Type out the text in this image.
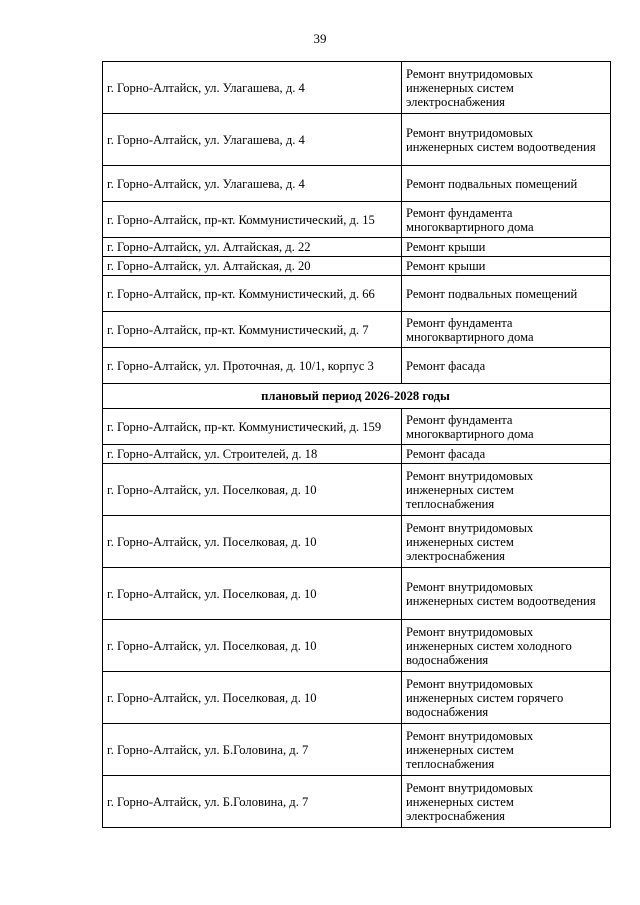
39
г. Горно-Алтайск, ул. Улагашева, д. 4	Ремонт внутридомовых инженерных систем электроснабжения
г. Горно-Алтайск, ул. Улагашева, д. 4	Ремонт внутридомовых инженерных систем водоотведения
г. Горно-Алтайск, ул. Улагашева, д. 4	Ремонт подвальных помещений
г. Горно-Алтайск, пр-кт. Коммунистический, д. 15	Ремонт фундамента многоквартирного дома
г. Горно-Алтайск, ул. Алтайская, д. 22	Ремонт крыши
г. Горно-Алтайск, ул. Алтайская, д. 20	Ремонт крыши
г. Горно-Алтайск, пр-кт. Коммунистический, д. 66	Ремонт подвальных помещений
г. Горно-Алтайск, пр-кт. Коммунистический, д. 7	Ремонт фундамента многоквартирного дома
г. Горно-Алтайск, ул. Проточная, д. 10/1, корпус 3	Ремонт фасада
плановый период 2026-2028 годы	
г. Горно-Алтайск, пр-кт. Коммунистический, д. 159	Ремонт фундамента многоквартирного дома
г. Горно-Алтайск, ул. Строителей, д. 18	Ремонт фасада
г. Горно-Алтайск, ул. Поселковая, д. 10	Ремонт внутридомовых инженерных систем теплоснабжения
г. Горно-Алтайск, ул. Поселковая, д. 10	Ремонт внутридомовых инженерных систем электроснабжения
г. Горно-Алтайск, ул. Поселковая, д. 10	Ремонт внутридомовых инженерных систем водоотведения
г. Горно-Алтайск, ул. Поселковая, д. 10	Ремонт внутридомовых инженерных систем холодного водоснабжения
г. Горно-Алтайск, ул. Поселковая, д. 10	Ремонт внутридомовых инженерных систем горячего водоснабжения
г. Горно-Алтайск, ул. Б.Головина, д. 7	Ремонт внутридомовых инженерных систем теплоснабжения
г. Горно-Алтайск, ул. Б.Головина, д. 7	Ремонт внутридомовых инженерных систем электроснабжения
